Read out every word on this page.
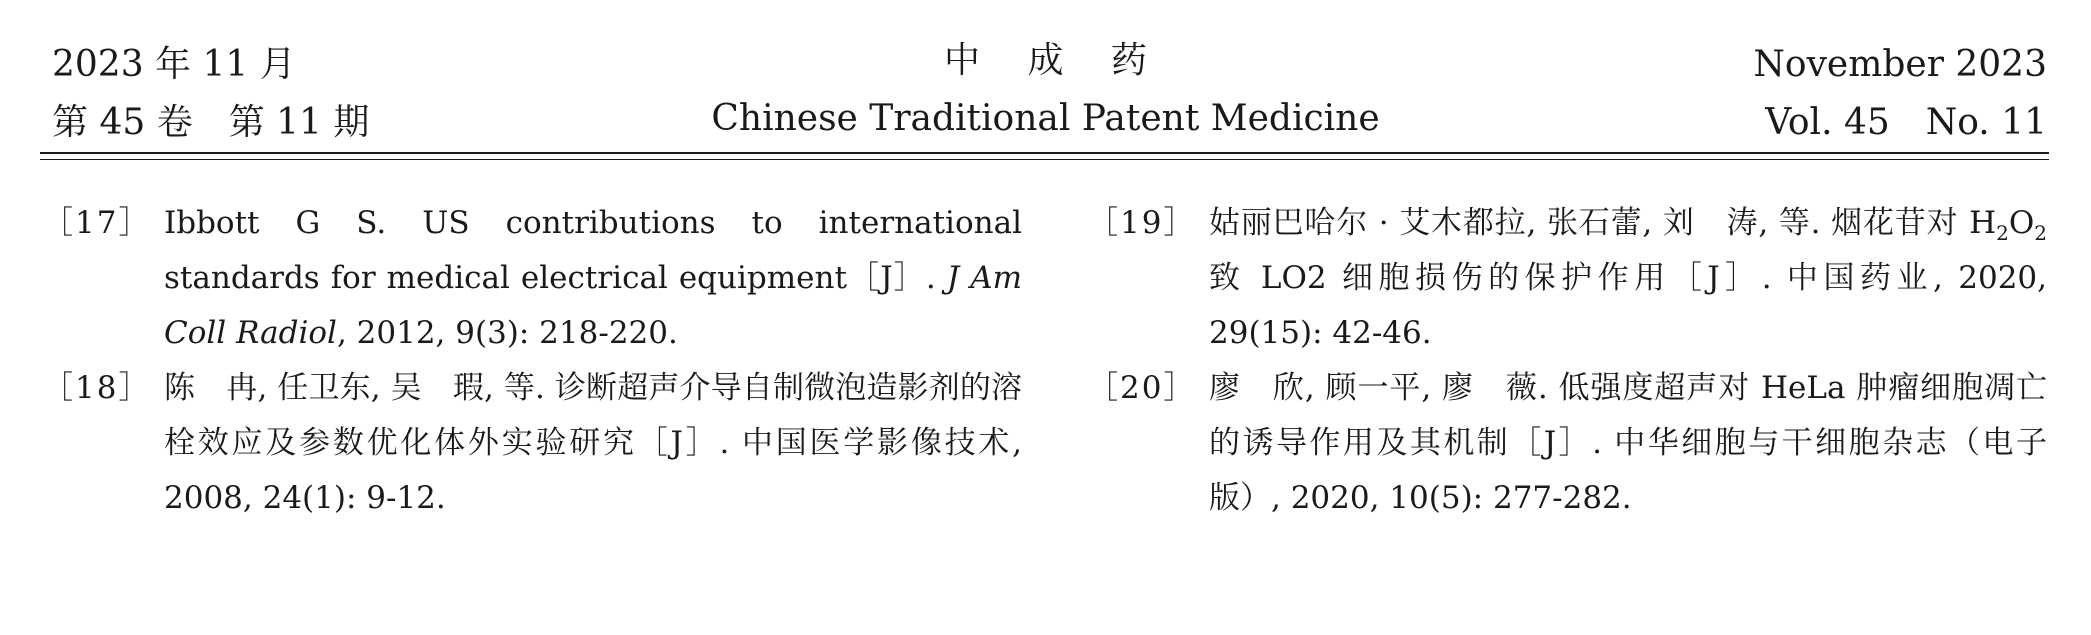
2023 年 11 月
第 45 卷　第 11 期
中 成 药
Chinese Traditional Patent Medicine
November 2023
Vol. 45　No. 11
［17］ Ibbott G S. US contributions to international standards for medical electrical equipment［J］. J Am Coll Radiol, 2012, 9(3): 218-220.
［18］ 陈　冉, 任卫东, 吴　瑕, 等. 诊断超声介导自制微泡造影剂的溶栓效应及参数优化体外实验研究［J］. 中国医学影像技术, 2008, 24(1): 9-12.
［19］ 姑丽巴哈尔 · 艾木都拉, 张石蕾, 刘　涛, 等. 烟花苷对 $H_2O_2$ 致 LO2 细胞损伤的保护作用［J］. 中国药业, 2020, 29(15): 42-46.
［20］ 廖　欣, 顾一平, 廖　薇. 低强度超声对 HeLa 肿瘤细胞凋亡的诱导作用及其机制［J］. 中华细胞与干细胞杂志（电子版）, 2020, 10(5): 277-282.
